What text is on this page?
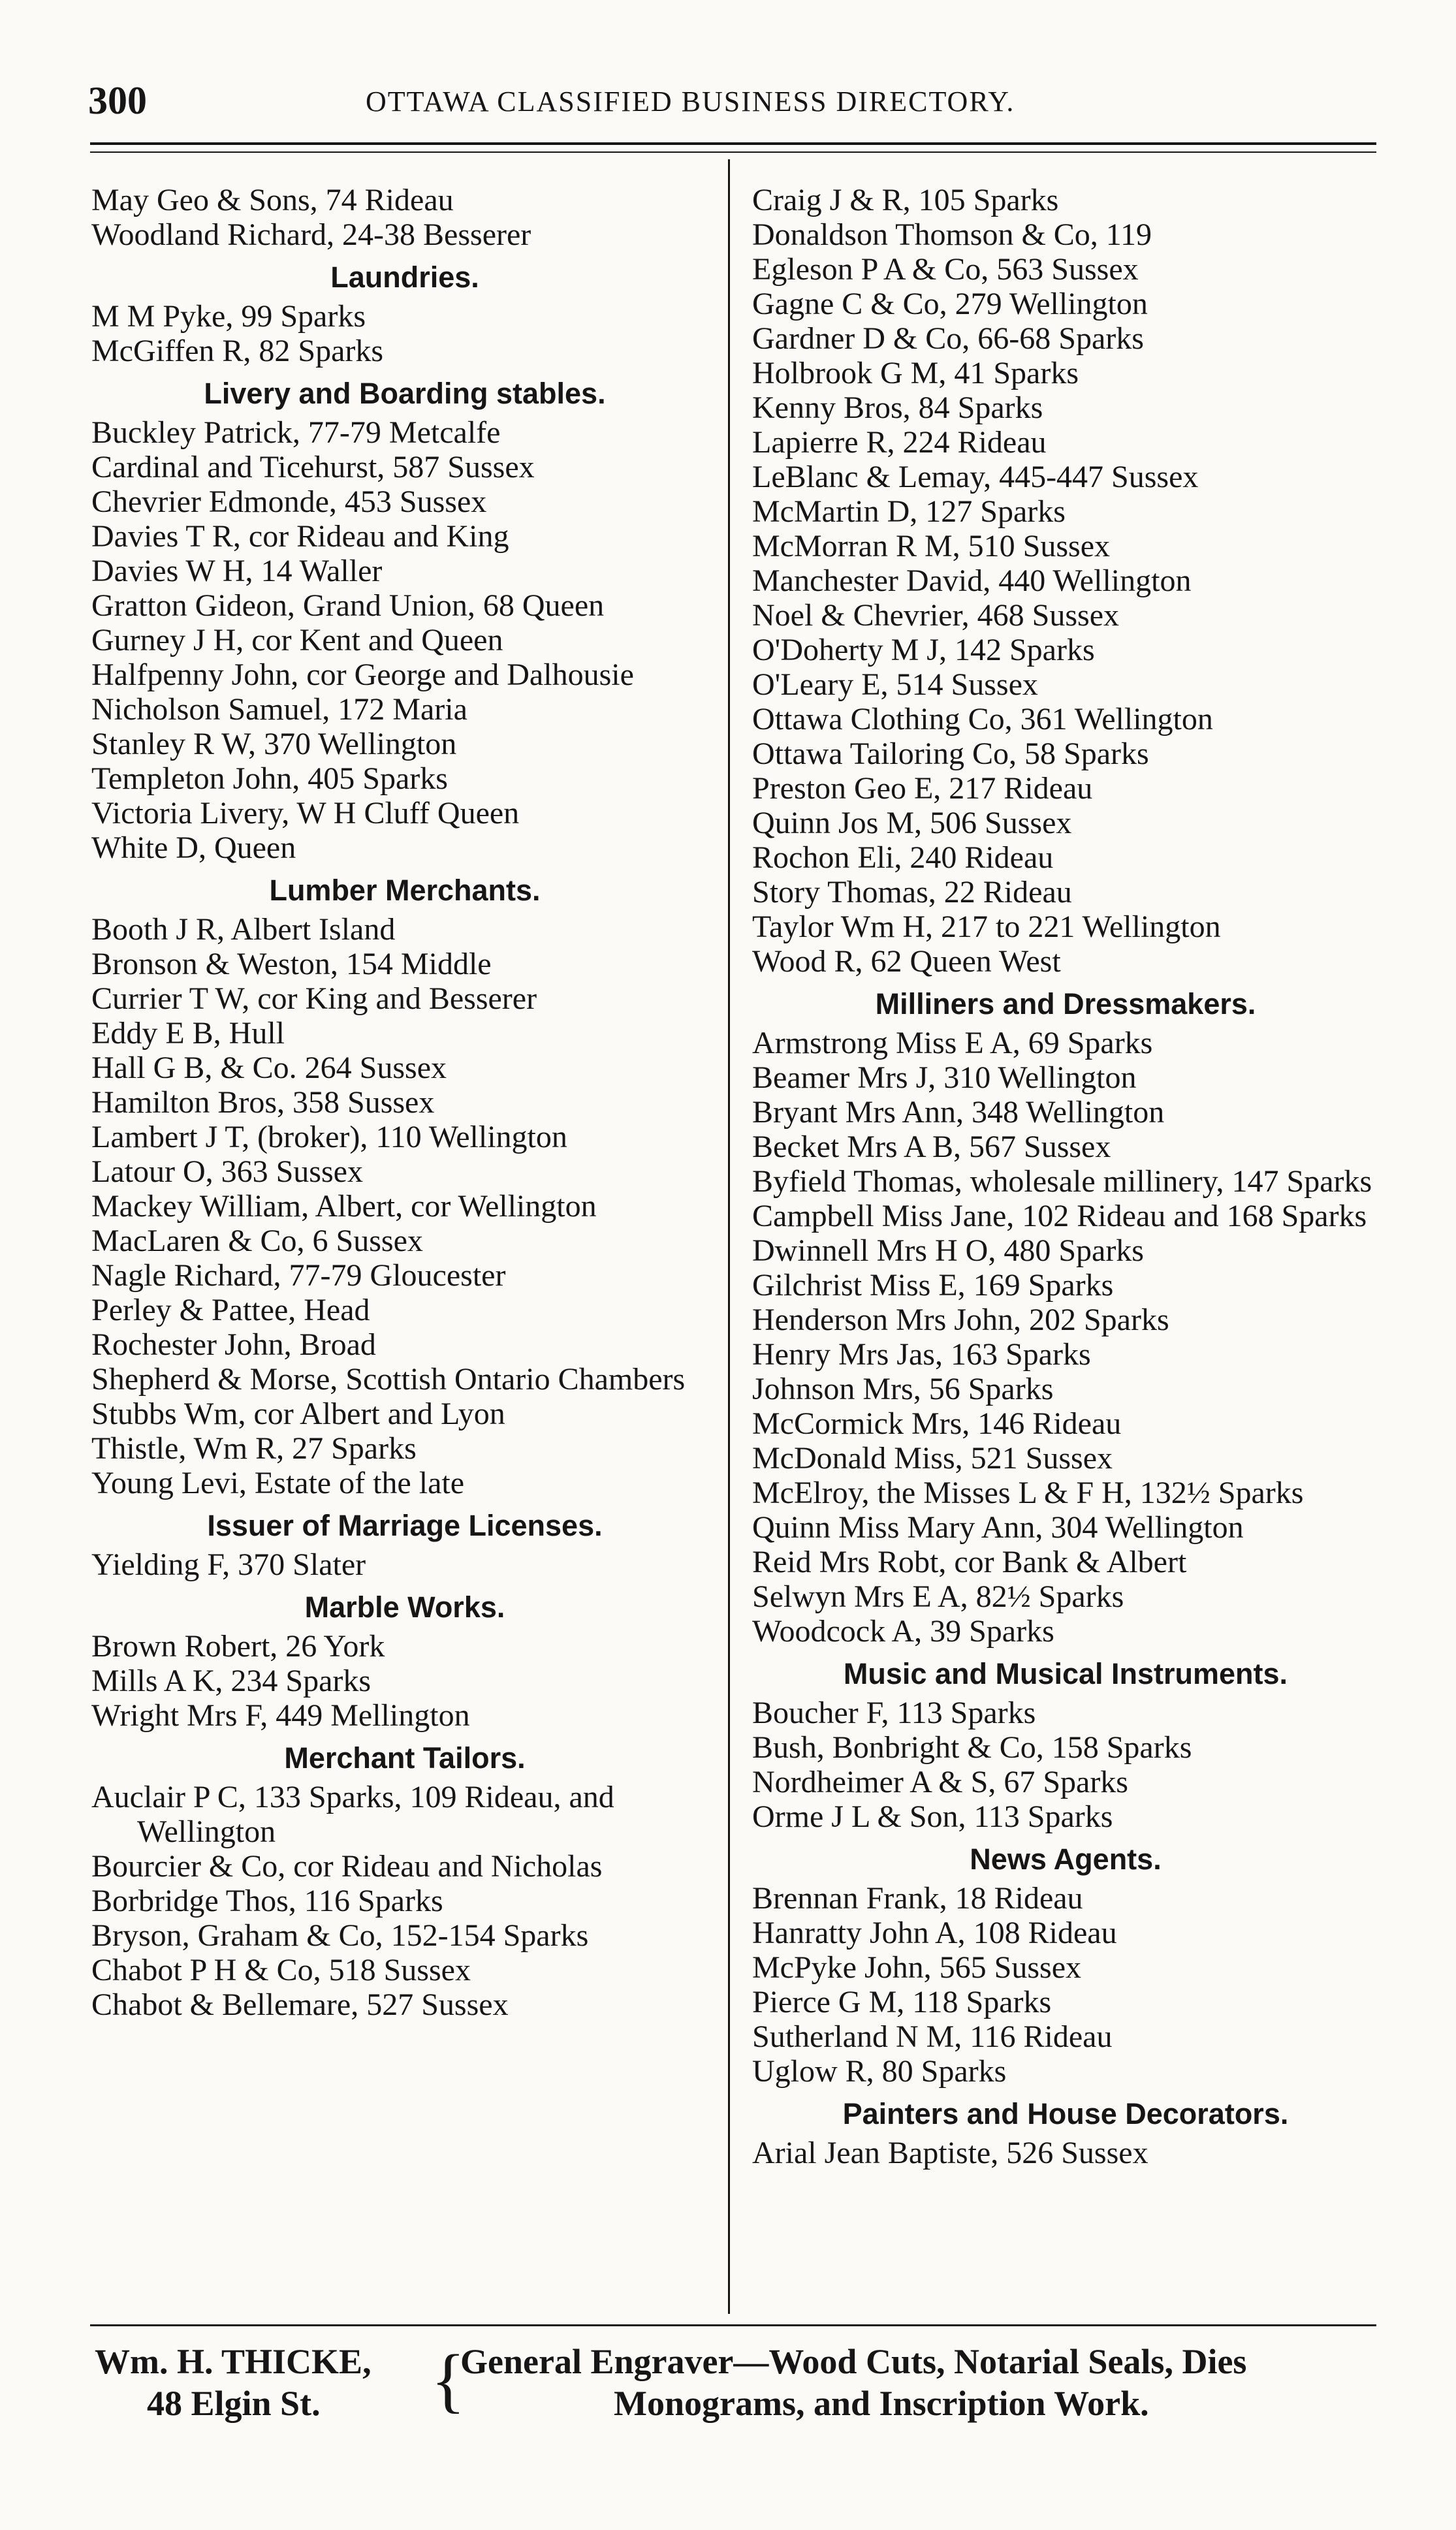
300	OTTAWA CLASSIFIED BUSINESS DIRECTORY.
May Geo & Sons, 74 Rideau
Woodland Richard, 24-38 Besserer
Laundries.
M M Pyke, 99 Sparks
McGiffen R, 82 Sparks
Livery and Boarding stables.
Buckley Patrick, 77-79 Metcalfe
Cardinal and Ticehurst, 587 Sussex
Chevrier Edmonde, 453 Sussex
Davies T R, cor Rideau and King
Davies W H, 14 Waller
Gratton Gideon, Grand Union, 68 Queen
Gurney J H, cor Kent and Queen
Halfpenny John, cor George and Dalhousie
Nicholson Samuel, 172 Maria
Stanley R W, 370 Wellington
Templeton John, 405 Sparks
Victoria Livery, W H Cluff Queen
White D, Queen
Lumber Merchants.
Booth J R, Albert Island
Bronson & Weston, 154 Middle
Currier T W, cor King and Besserer
Eddy E B, Hull
Hall G B, & Co. 264 Sussex
Hamilton Bros, 358 Sussex
Lambert J T, (broker), 110 Wellington
Latour O, 363 Sussex
Mackey William, Albert, cor Wellington
MacLaren & Co, 6 Sussex
Nagle Richard, 77-79 Gloucester
Perley & Pattee, Head
Rochester John, Broad
Shepherd & Morse, Scottish Ontario Chambers
Stubbs Wm, cor Albert and Lyon
Thistle, Wm R, 27 Sparks
Young Levi, Estate of the late
Issuer of Marriage Licenses.
Yielding F, 370 Slater
Marble Works.
Brown Robert, 26 York
Mills A K, 234 Sparks
Wright Mrs F, 449 Mellington
Merchant Tailors.
Auclair P C, 133 Sparks, 109 Rideau, and Wellington
Bourcier & Co, cor Rideau and Nicholas
Borbridge Thos, 116 Sparks
Bryson, Graham & Co, 152-154 Sparks
Chabot P H & Co, 518 Sussex
Chabot & Bellemare, 527 Sussex
Craig J & R, 105 Sparks
Donaldson Thomson & Co, 119
Egleson P A & Co, 563 Sussex
Gagne C & Co, 279 Wellington
Gardner D & Co, 66-68 Sparks
Holbrook G M, 41 Sparks
Kenny Bros, 84 Sparks
Lapierre R, 224 Rideau
LeBlanc & Lemay, 445-447 Sussex
McMartin D, 127 Sparks
McMorran R M, 510 Sussex
Manchester David, 440 Wellington
Noel & Chevrier, 468 Sussex
O'Doherty M J, 142 Sparks
O'Leary E, 514 Sussex
Ottawa Clothing Co, 361 Wellington
Ottawa Tailoring Co, 58 Sparks
Preston Geo E, 217 Rideau
Quinn Jos M, 506 Sussex
Rochon Eli, 240 Rideau
Story Thomas, 22 Rideau
Taylor Wm H, 217 to 221 Wellington
Wood R, 62 Queen West
Milliners and Dressmakers.
Armstrong Miss E A, 69 Sparks
Beamer Mrs J, 310 Wellington
Bryant Mrs Ann, 348 Wellington
Becket Mrs A B, 567 Sussex
Byfield Thomas, wholesale millinery, 147 Sparks
Campbell Miss Jane, 102 Rideau and 168 Sparks
Dwinnell Mrs H O, 480 Sparks
Gilchrist Miss E, 169 Sparks
Henderson Mrs John, 202 Sparks
Henry Mrs Jas, 163 Sparks
Johnson Mrs, 56 Sparks
McCormick Mrs, 146 Rideau
McDonald Miss, 521 Sussex
McElroy, the Misses L & F H, 132½ Sparks
Quinn Miss Mary Ann, 304 Wellington
Reid Mrs Robt, cor Bank & Albert
Selwyn Mrs E A, 82½ Sparks
Woodcock A, 39 Sparks
Music and Musical Instruments.
Boucher F, 113 Sparks
Bush, Bonbright & Co, 158 Sparks
Nordheimer A & S, 67 Sparks
Orme J L & Son, 113 Sparks
News Agents.
Brennan Frank, 18 Rideau
Hanratty John A, 108 Rideau
McPyke John, 565 Sussex
Pierce G M, 118 Sparks
Sutherland N M, 116 Rideau
Uglow R, 80 Sparks
Painters and House Decorators.
Arial Jean Baptiste, 526 Sussex
Wm. H. THICKE,
48 Elgin St. {
General Engraver—Wood Cuts, Notarial Seals, Dies
Monograms, and Inscription Work.
